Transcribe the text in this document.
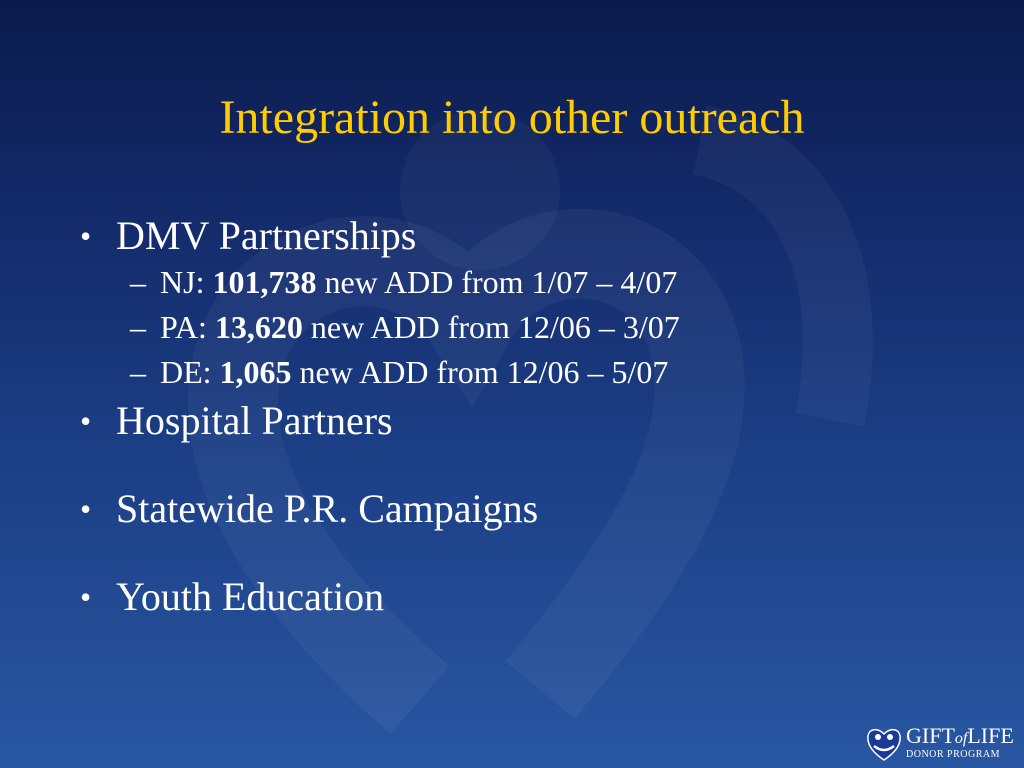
Integration into other outreach
• DMV Partnerships
– NJ: 101,738 new ADD from 1/07 – 4/07
– PA: 13,620 new ADD from 12/06 – 3/07
– DE: 1,065 new ADD from 12/06 – 5/07
• Hospital Partners
• Statewide P.R. Campaigns
• Youth Education
GIFTofLIFE
DONOR PROGRAM
